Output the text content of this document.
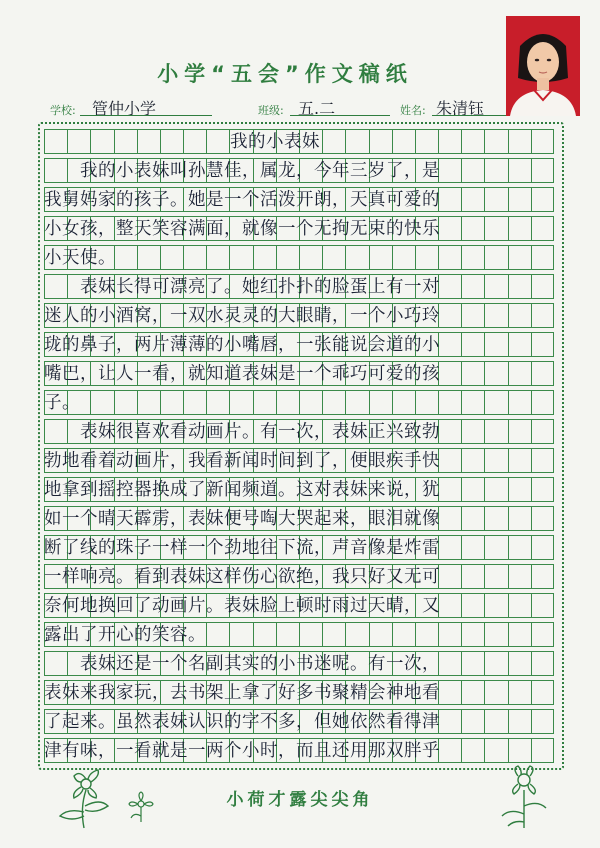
小学“五会”作文稿纸
学校: 管仲小学	班级: 五.二	姓名: 朱清钰
我的小表妹
　　我的小表妹叫孙慧佳，属龙，今年三岁了，是
我舅妈家的孩子。她是一个活泼开朗，天真可爱的
小女孩，整天笑容满面，就像一个无拘无束的快乐
小天使。
　　表妹长得可漂亮了。她红扑扑的脸蛋上有一对
迷人的小酒窝，一双水灵灵的大眼睛，一个小巧玲
珑的鼻子，两片薄薄的小嘴唇，一张能说会道的小
嘴巴，让人一看，就知道表妹是一个乖巧可爱的孩
子。
　　表妹很喜欢看动画片。有一次，表妹正兴致勃
勃地看着动画片，我看新闻时间到了，便眼疾手快
地拿到摇控器换成了新闻频道。这对表妹来说，犹
如一个晴天霹雳，表妹便号啕大哭起来，眼泪就像
断了线的珠子一样一个劲地往下流，声音像是炸雷
一样响亮。看到表妹这样伤心欲绝，我只好又无可
奈何地换回了动画片。表妹脸上顿时雨过天晴，又
露出了开心的笑容。
　　表妹还是一个名副其实的小书迷呢。有一次，
表妹来我家玩，去书架上拿了好多书聚精会神地看
了起来。虽然表妹认识的字不多，但她依然看得津
津有味，一看就是一两个小时，而且还用那双胖乎
小荷才露尖尖角
